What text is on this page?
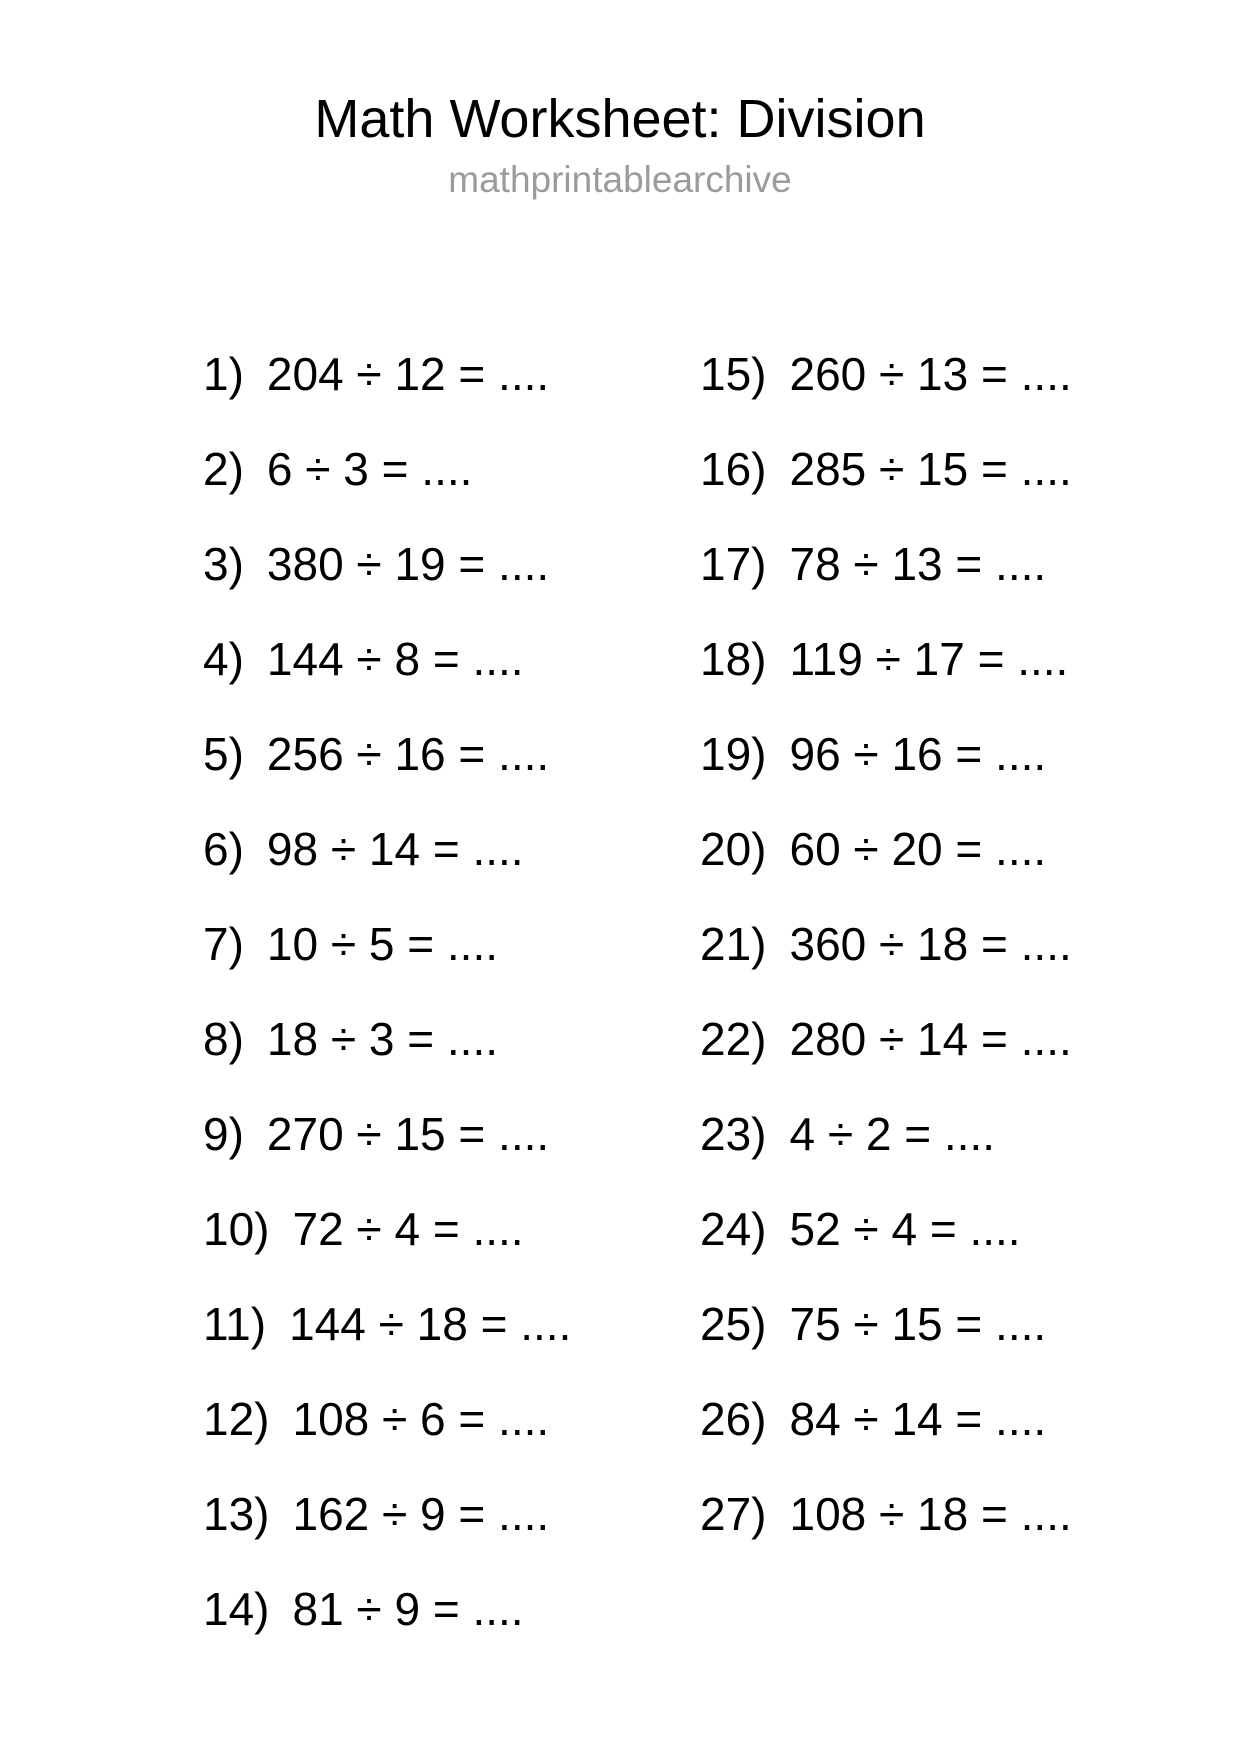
Math Worksheet: Division
mathprintablearchive
1) 204 ÷ 12 = ....
2) 6 ÷ 3 = ....
3) 380 ÷ 19 = ....
4) 144 ÷ 8 = ....
5) 256 ÷ 16 = ....
6) 98 ÷ 14 = ....
7) 10 ÷ 5 = ....
8) 18 ÷ 3 = ....
9) 270 ÷ 15 = ....
10) 72 ÷ 4 = ....
11) 144 ÷ 18 = ....
12) 108 ÷ 6 = ....
13) 162 ÷ 9 = ....
14) 81 ÷ 9 = ....
15) 260 ÷ 13 = ....
16) 285 ÷ 15 = ....
17) 78 ÷ 13 = ....
18) 119 ÷ 17 = ....
19) 96 ÷ 16 = ....
20) 60 ÷ 20 = ....
21) 360 ÷ 18 = ....
22) 280 ÷ 14 = ....
23) 4 ÷ 2 = ....
24) 52 ÷ 4 = ....
25) 75 ÷ 15 = ....
26) 84 ÷ 14 = ....
27) 108 ÷ 18 = ....
